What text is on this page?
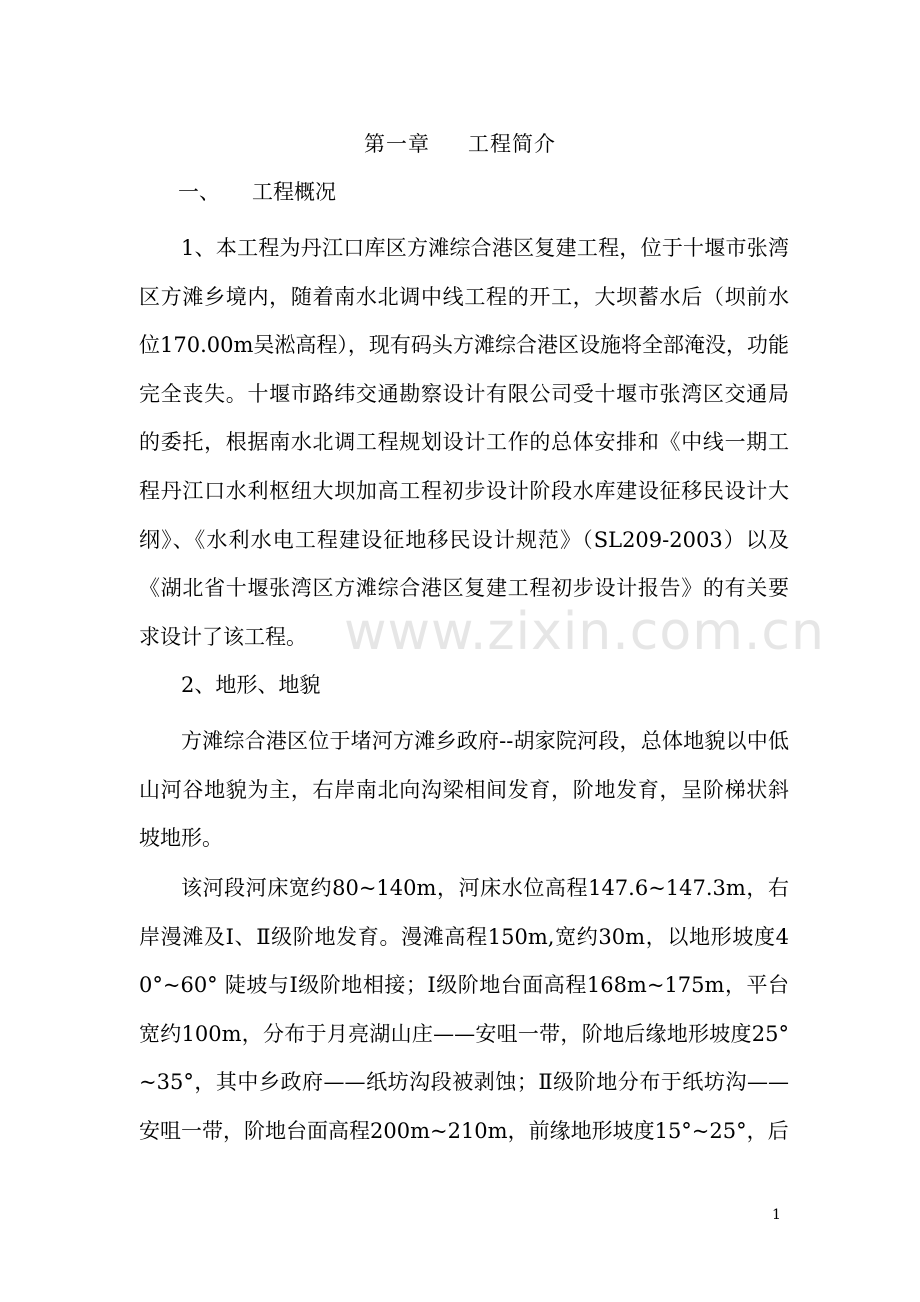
www.zixin.com.cn
第一章 工程简介
一、 工程概况
1、本工程为丹江口库区方滩综合港区复建工程，位于十堰市张湾区方滩乡境内，随着南水北调中线工程的开工，大坝蓄水后（坝前水位170.00m吴淞高程），现有码头方滩综合港区设施将全部淹没，功能完全丧失。十堰市路纬交通勘察设计有限公司受十堰市张湾区交通局的委托，根据南水北调工程规划设计工作的总体安排和《中线一期工程丹江口水利枢纽大坝加高工程初步设计阶段水库建设征移民设计大纲》、《水利水电工程建设征地移民设计规范》（SL209-2003）以及《湖北省十堰张湾区方滩综合港区复建工程初步设计报告》的有关要求设计了该工程。
2、地形、地貌
方滩综合港区位于堵河方滩乡政府--胡家院河段，总体地貌以中低山河谷地貌为主，右岸南北向沟梁相间发育，阶地发育，呈阶梯状斜坡地形。
该河段河床宽约80~140m，河床水位高程147.6~147.3m，右岸漫滩及Ⅰ、Ⅱ级阶地发育。漫滩高程150m,宽约30m，以地形坡度40°~60° 陡坡与Ⅰ级阶地相接；Ⅰ级阶地台面高程168m~175m，平台宽约100m，分布于月亮湖山庄——安咀一带，阶地后缘地形坡度25°~35°，其中乡政府——纸坊沟段被剥蚀；Ⅱ级阶地分布于纸坊沟——安咀一带，阶地台面高程200m~210m，前缘地形坡度15°~25°，后
1
